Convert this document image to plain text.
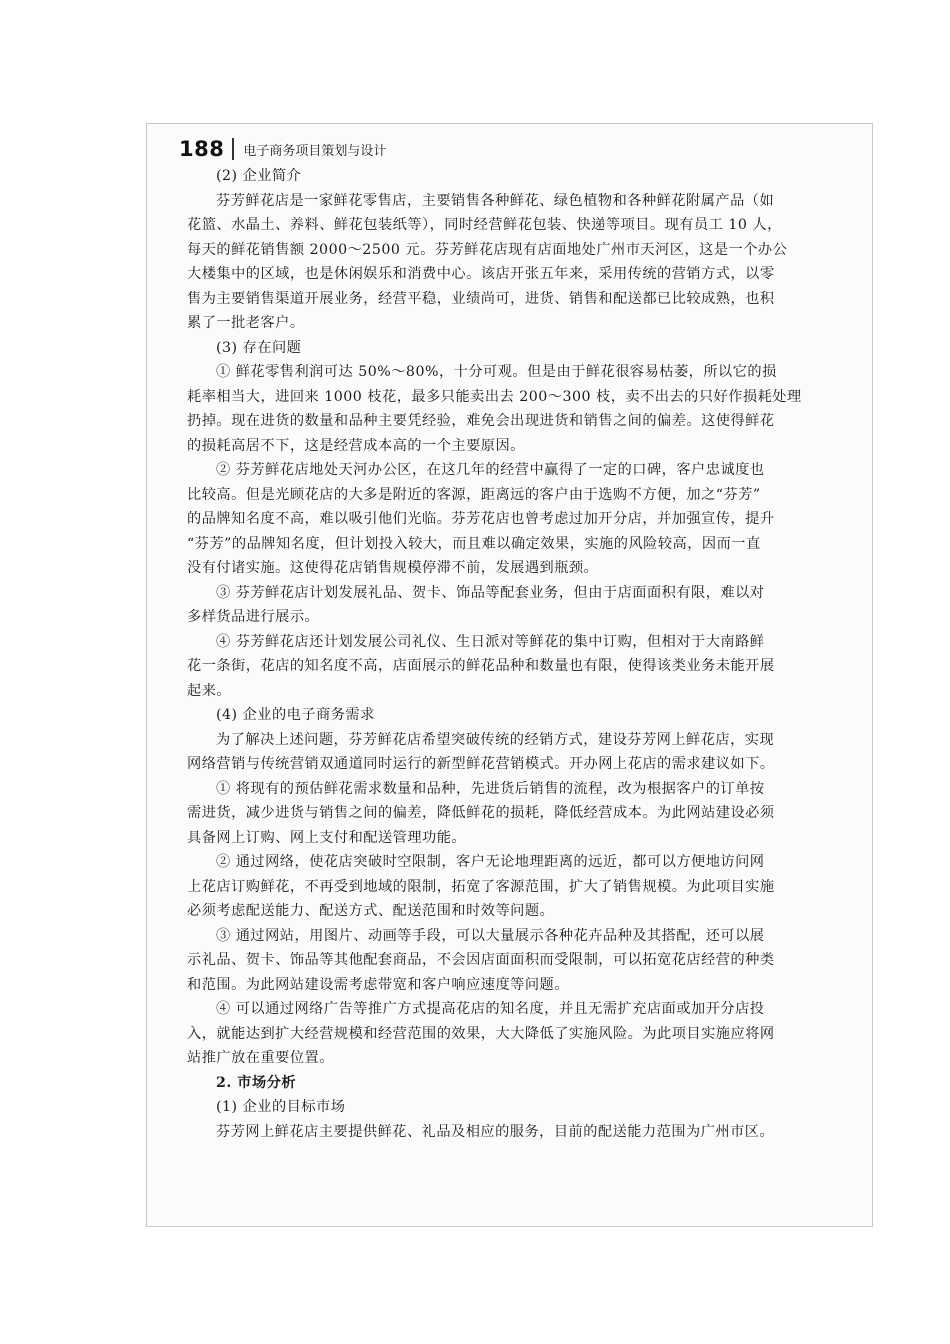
188 电子商务项目策划与设计
(2) 企业简介
芬芳鲜花店是一家鲜花零售店，主要销售各种鲜花、绿色植物和各种鲜花附属产品（如
花篮、水晶土、养料、鲜花包装纸等），同时经营鲜花包装、快递等项目。现有员工 10 人，
每天的鲜花销售额 2000～2500 元。芬芳鲜花店现有店面地处广州市天河区，这是一个办公
大楼集中的区域，也是休闲娱乐和消费中心。该店开张五年来，采用传统的营销方式，以零
售为主要销售渠道开展业务，经营平稳，业绩尚可，进货、销售和配送都已比较成熟，也积
累了一批老客户。
(3) 存在问题
① 鲜花零售利润可达 50%～80%，十分可观。但是由于鲜花很容易枯萎，所以它的损
耗率相当大，进回来 1000 枝花，最多只能卖出去 200～300 枝，卖不出去的只好作损耗处理
扔掉。现在进货的数量和品种主要凭经验，难免会出现进货和销售之间的偏差。这使得鲜花
的损耗高居不下，这是经营成本高的一个主要原因。
② 芬芳鲜花店地处天河办公区，在这几年的经营中赢得了一定的口碑，客户忠诚度也
比较高。但是光顾花店的大多是附近的客源，距离远的客户由于选购不方便，加之“芬芳”
的品牌知名度不高，难以吸引他们光临。芬芳花店也曾考虑过加开分店，并加强宣传，提升
“芬芳”的品牌知名度，但计划投入较大，而且难以确定效果，实施的风险较高，因而一直
没有付诸实施。这使得花店销售规模停滞不前，发展遇到瓶颈。
③ 芬芳鲜花店计划发展礼品、贺卡、饰品等配套业务，但由于店面面积有限，难以对
多样货品进行展示。
④ 芬芳鲜花店还计划发展公司礼仪、生日派对等鲜花的集中订购，但相对于大南路鲜
花一条街，花店的知名度不高，店面展示的鲜花品种和数量也有限，使得该类业务未能开展
起来。
(4) 企业的电子商务需求
为了解决上述问题，芬芳鲜花店希望突破传统的经销方式，建设芬芳网上鲜花店，实现
网络营销与传统营销双通道同时运行的新型鲜花营销模式。开办网上花店的需求建议如下。
① 将现有的预估鲜花需求数量和品种，先进货后销售的流程，改为根据客户的订单按
需进货，减少进货与销售之间的偏差，降低鲜花的损耗，降低经营成本。为此网站建设必须
具备网上订购、网上支付和配送管理功能。
② 通过网络，使花店突破时空限制，客户无论地理距离的远近，都可以方便地访问网
上花店订购鲜花，不再受到地域的限制，拓宽了客源范围，扩大了销售规模。为此项目实施
必须考虑配送能力、配送方式、配送范围和时效等问题。
③ 通过网站，用图片、动画等手段，可以大量展示各种花卉品种及其搭配，还可以展
示礼品、贺卡、饰品等其他配套商品，不会因店面面积而受限制，可以拓宽花店经营的种类
和范围。为此网站建设需考虑带宽和客户响应速度等问题。
④ 可以通过网络广告等推广方式提高花店的知名度，并且无需扩充店面或加开分店投
入，就能达到扩大经营规模和经营范围的效果，大大降低了实施风险。为此项目实施应将网
站推广放在重要位置。
2. 市场分析
(1) 企业的目标市场
芬芳网上鲜花店主要提供鲜花、礼品及相应的服务，目前的配送能力范围为广州市区。
